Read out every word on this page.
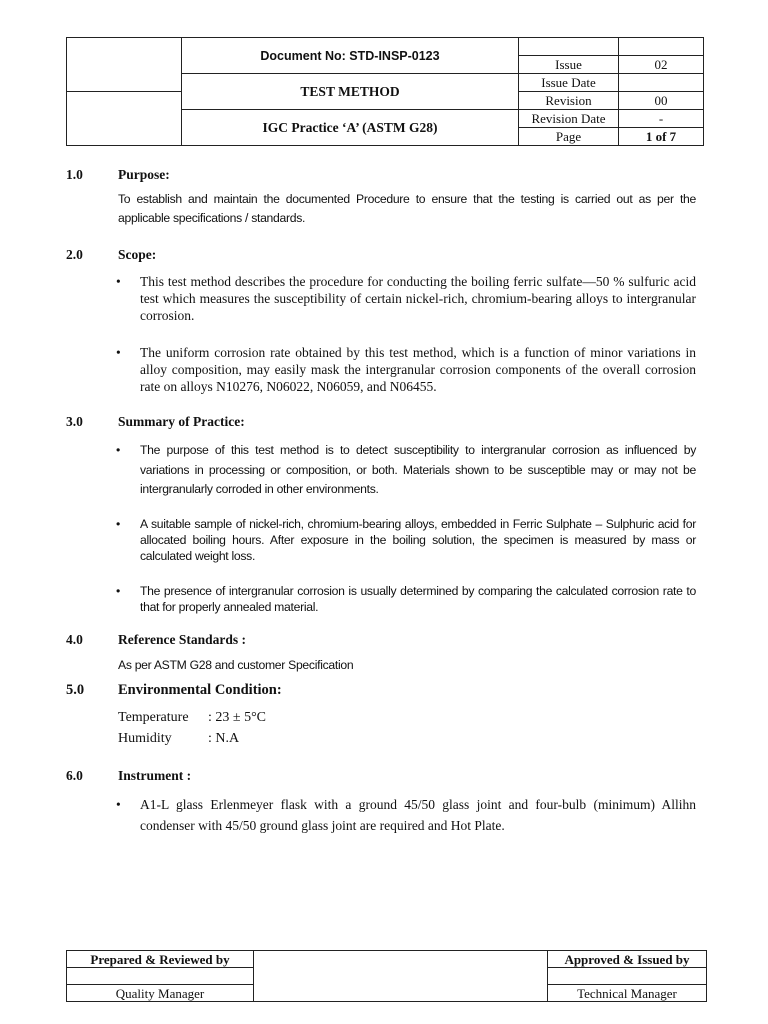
	Document No: STD-INSP-0123		
		Issue	02
	TEST METHOD	Issue Date	
		Revision	00
	IGC Practice ‘A’ (ASTM G28)	Revision Date	-
		Page	1 of 7
1.0	Purpose:
To establish and maintain the documented Procedure to ensure that the testing is carried out as per the applicable specifications / standards.
2.0	Scope:
• This test method describes the procedure for conducting the boiling ferric sulfate—50 % sulfuric acid test which measures the susceptibility of certain nickel-rich, chromium-bearing alloys to intergranular corrosion.
• The uniform corrosion rate obtained by this test method, which is a function of minor variations in alloy composition, may easily mask the intergranular corrosion components of the overall corrosion rate on alloys N10276, N06022, N06059, and N06455.
3.0	Summary of Practice:
• The purpose of this test method is to detect susceptibility to intergranular corrosion as influenced by variations in processing or composition, or both. Materials shown to be susceptible may or may not be intergranularly corroded in other environments.
• A suitable sample of nickel-rich, chromium-bearing alloys, embedded in Ferric Sulphate – Sulphuric acid for allocated boiling hours. After exposure in the boiling solution, the specimen is measured by mass or calculated weight loss.
• The presence of intergranular corrosion is usually determined by comparing the calculated corrosion rate to that for properly annealed material.
4.0	Reference Standards :
As per ASTM G28 and customer Specification
5.0 Environmental Condition:
Temperature : 23 ± 5°C
Humidity	: N.A
6.0	Instrument :
• A1-L glass Erlenmeyer flask with a ground 45/50 glass joint and four-bulb (minimum) Allihn condenser with 45/50 ground glass joint are required and Hot Plate.
Prepared & Reviewed by		Approved & Issued by

Quality Manager		Technical Manager
